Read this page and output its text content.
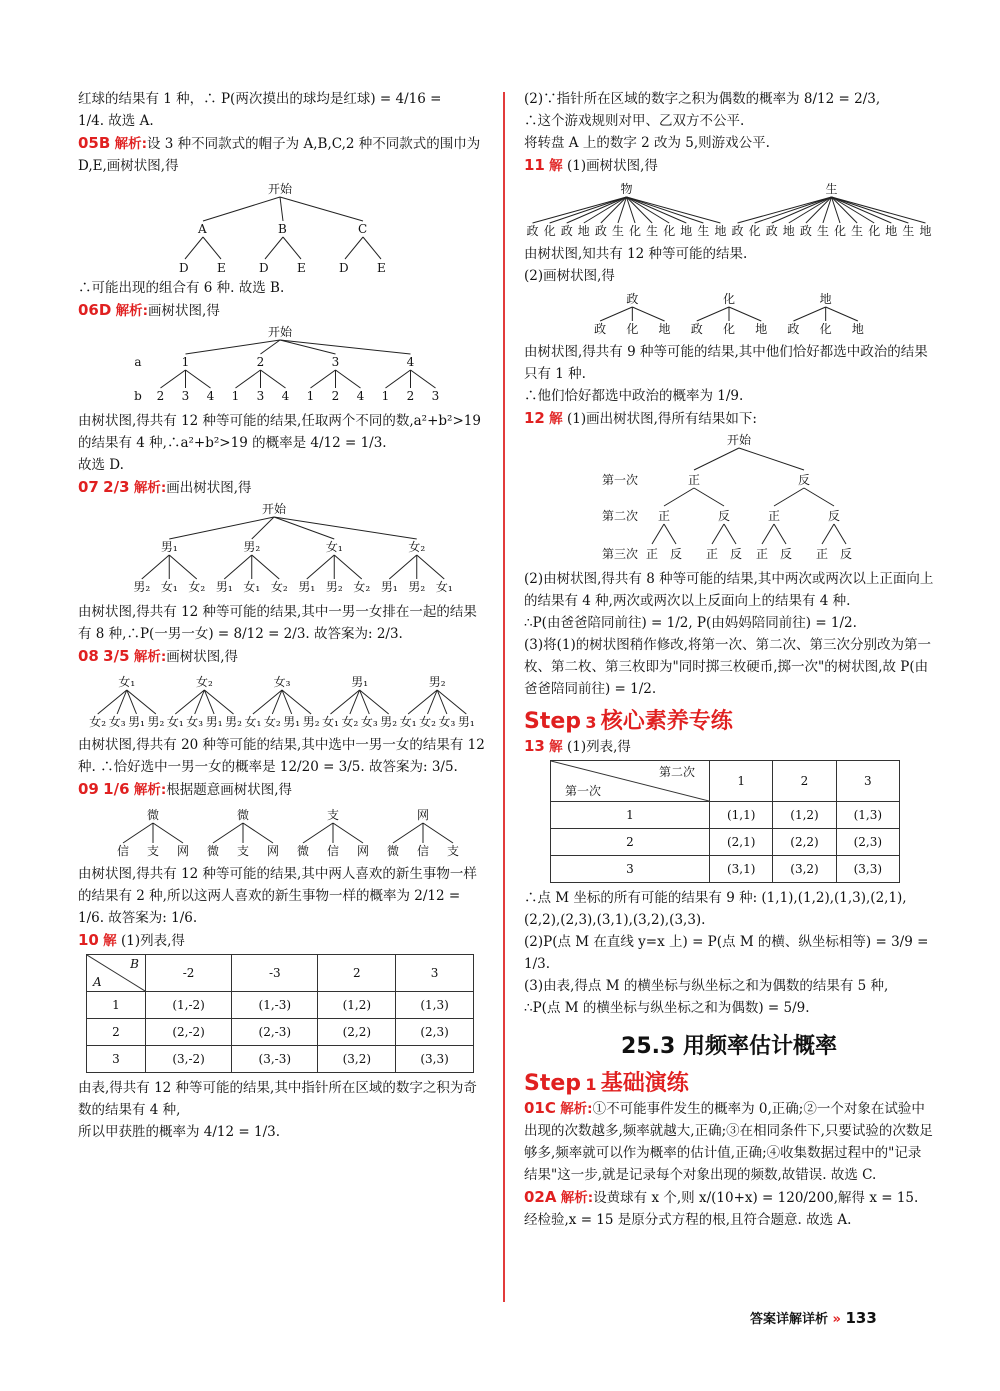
红球的结果有 1 种，∴ P(两次摸出的球均是红球) = 4/16 =

1/4. 故选 A.

05B 解析:设 3 种不同款式的帽子为 A,B,C,2 种不同款式的围巾为 D,E,画树状图,得

开始
A	B	C
D E	D E	D E

∴可能出现的组合有 6 种. 故选 B.

06D 解析:画树状图,得

开始
a
b
1
2 3 4
2
1 3 4
3
1 2 4
4
1 2 3

由树状图,得共有 12 种等可能的结果,任取两个不同的数,a²+b²>19 的结果有 4 种,∴a²+b²>19 的概率是 4/12 = 1/3.

故选 D.

07 2/3 解析:画出树状图,得

开始
男₁
男₂ 女₁ 女₂
男₂
男₁ 女₁ 女₂
女₁
男₁ 男₂ 女₂
女₂
男₁ 男₂ 女₁

由树状图,得共有 12 种等可能的结果,其中一男一女排在一起的结果有 8 种,∴P(一男一女) = 8/12 = 2/3. 故答案为: 2/3.

08 3/5 解析:画树状图,得

女₁
女₂ 女₃ 男₁ 男₂
女₂
女₁ 女₃ 男₁ 男₂
女₃
女₁ 女₂ 男₁ 男₂
男₁
女₁ 女₂ 女₃ 男₂
男₂
女₁ 女₂ 女₃ 男₁

由树状图,得共有 20 种等可能的结果,其中选中一男一女的结果有 12 种. ∴恰好选中一男一女的概率是 12/20 = 3/5. 故答案为: 3/5.

09 1/6 解析:根据题意画树状图,得

微
信 支 网
微
微 支 网
支
微 信 网
网
微 信 支

由树状图,得共有 12 种等可能的结果,其中两人喜欢的新生事物一样的结果有 2 种,所以这两人喜欢的新生事物一样的概率为 2/12 = 1/6. 故答案为: 1/6.

10 解 (1)列表,得

B
A	-2	-3	2	3
1	(1,-2)	(1,-3)	(1,2)	(1,3)
2	(2,-2)	(2,-3)	(2,2)	(2,3)
3	(3,-2)	(3,-3)	(3,2)	(3,3)

由表,得共有 12 种等可能的结果,其中指针所在区域的数字之积为奇数的结果有 4 种,

所以甲获胜的概率为 4/12 = 1/3.

(2)∵指针所在区域的数字之积为偶数的概率为 8/12 = 2/3,

∴这个游戏规则对甲、乙双方不公平.

将转盘 A 上的数字 2 改为 5,则游戏公平.

11 解 (1)画树状图,得

物
政 化 政 地 政 生 化 生 化 地 生 地
生
政 化 政 地 政 生 化 生 化 地 生 地

由树状图,知共有 12 种等可能的结果.

(2)画树状图,得

政
政 化 地
化
政 化 地
地
政 化 地

由树状图,得共有 9 种等可能的结果,其中他们恰好都选中政治的结果只有 1 种.

∴他们恰好都选中政治的概率为 1/9.

12 解 (1)画出树状图,得所有结果如下:

开始
第一次
第二次
第三次
正	反
正	反	正	反
正 反 正 反 正 反 正 反

(2)由树状图,得共有 8 种等可能的结果,其中两次或两次以上正面向上的结果有 4 种,两次或两次以上反面向上的结果有 4 种.

∴P(由爸爸陪同前往) = 1/2, P(由妈妈陪同前往) = 1/2.

(3)将(1)的树状图稍作修改,将第一次、第二次、第三次分别改为第一枚、第二枚、第三枚即为"同时掷三枚硬币,掷一次"的树状图,故 P(由爸爸陪同前往) = 1/2.

Step 3 核心素养专练

13 解 (1)列表,得

第二次
第一次	1	2	3
1	(1,1)	(1,2)	(1,3)
2	(2,1)	(2,2)	(2,3)
3	(3,1)	(3,2)	(3,3)

∴点 M 坐标的所有可能的结果有 9 种: (1,1),(1,2),(1,3),(2,1),(2,2),(2,3),(3,1),(3,2),(3,3).

(2)P(点 M 在直线 y=x 上) = P(点 M 的横、纵坐标相等) = 3/9 = 1/3.

(3)由表,得点 M 的横坐标与纵坐标之和为偶数的结果有 5 种,

∴P(点 M 的横坐标与纵坐标之和为偶数) = 5/9.

25.3 用频率估计概率
Step 1 基础演练

01C 解析:①不可能事件发生的概率为 0,正确;②一个对象在试验中出现的次数越多,频率就越大,正确;③在相同条件下,只要试验的次数足够多,频率就可以作为概率的估计值,正确;④收集数据过程中的"记录结果"这一步,就是记录每个对象出现的频数,故错误. 故选 C.

02A 解析:设黄球有 x 个,则 x/(10+x) = 120/200,解得 x = 15. 经检验,x = 15 是原分式方程的根,且符合题意. 故选 A.

答案详解详析 » 133
